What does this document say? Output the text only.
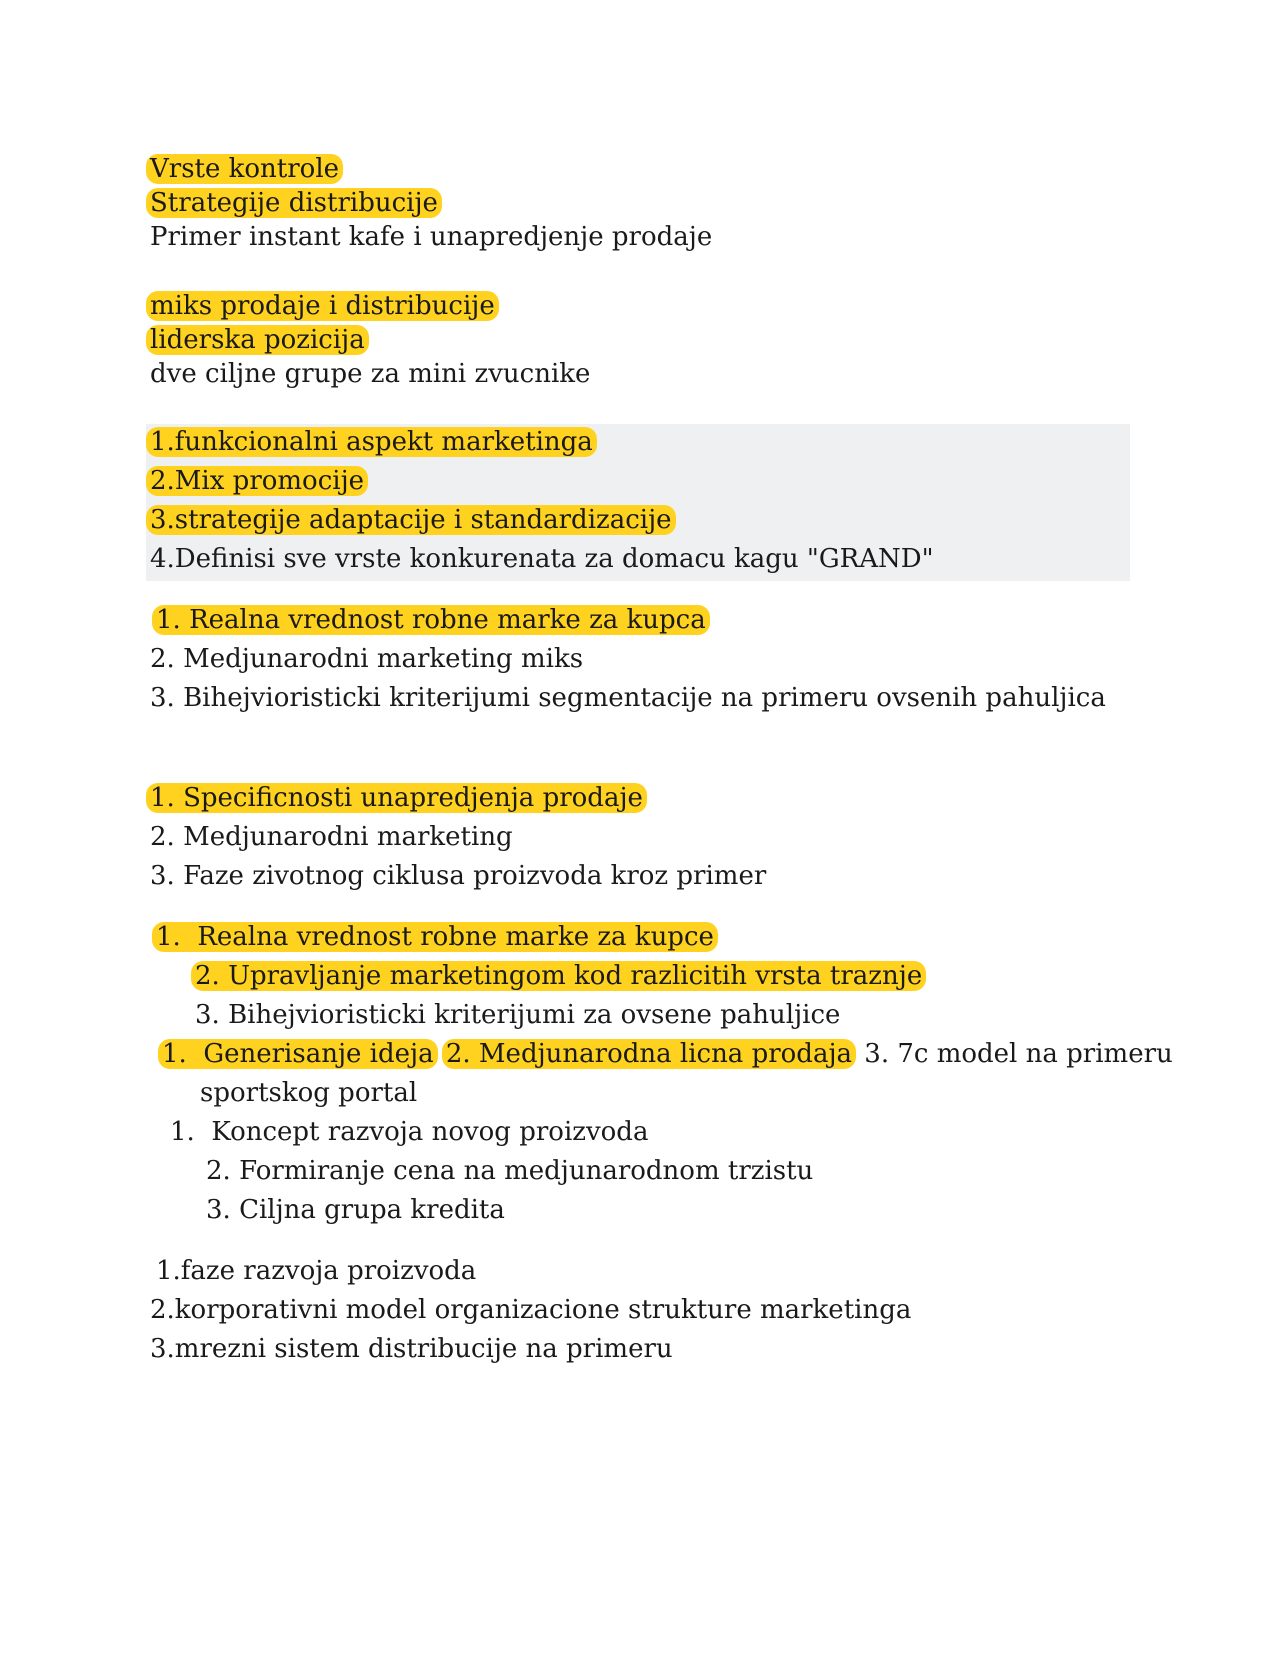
Vrste kontrole
Strategije distribucije
Primer instant kafe i unapredjenje prodaje
miks prodaje i distribucije
liderska pozicija
dve ciljne grupe za mini zvucnike
1.funkcionalni aspekt marketinga
2.Mix promocije
3.strategije adaptacije i standardizacije
4.Definisi sve vrste konkurenata za domacu kagu "GRAND"
1. Realna vrednost robne marke za kupca
2. Medjunarodni marketing miks
3. Bihejvioristicki kriterijumi segmentacije na primeru ovsenih pahuljica
1. Specificnosti unapredjenja prodaje
2. Medjunarodni marketing
3. Faze zivotnog ciklusa proizvoda kroz primer
1. Realna vrednost robne marke za kupce
2. Upravljanje marketingom kod razlicitih vrsta traznje
3. Bihejvioristicki kriterijumi za ovsene pahuljice
1. Generisanje ideja 2. Medjunarodna licna prodaja 3. 7c model na primeru
sportskog portal
1. Koncept razvoja novog proizvoda
2. Formiranje cena na medjunarodnom trzistu
3. Ciljna grupa kredita
1.faze razvoja proizvoda
2.korporativni model organizacione strukture marketinga
3.mrezni sistem distribucije na primeru
